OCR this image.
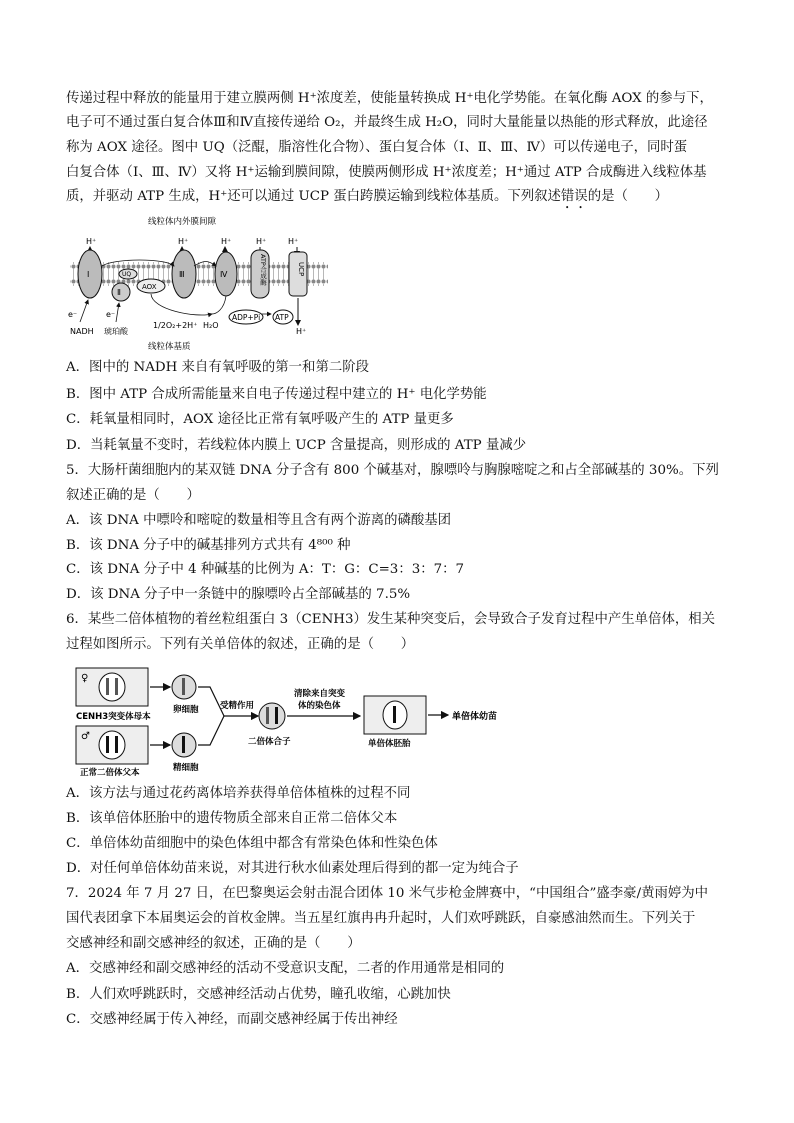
传递过程中释放的能量用于建立膜两侧 H⁺浓度差，使能量转换成 H⁺电化学势能。在氧化酶 AOX 的参与下，
电子可不通过蛋白复合体Ⅲ和Ⅳ直接传递给 O₂，并最终生成 H₂O，同时大量能量以热能的形式释放，此途径
称为 AOX 途径。图中 UQ（泛醌，脂溶性化合物）、蛋白复合体（Ⅰ、Ⅱ、Ⅲ、Ⅳ）可以传递电子，同时蛋
白复合体（Ⅰ、Ⅲ、Ⅳ）又将 H⁺运输到膜间隙，使膜两侧形成 H⁺浓度差；H⁺通过 ATP 合成酶进入线粒体基
质，并驱动 ATP 生成，H⁺还可以通过 UCP 蛋白跨膜运输到线粒体基质。下列叙述错误的是（　　）
线粒体内外膜间隙
H⁺	H⁺	H⁺	H⁺	H⁺
Ⅰ
Ⅱ
UQ
AOX
Ⅲ	Ⅳ	ATP合成酶	UCP
e⁻	e⁻
NADH 琥珀酸
1/2O₂+2H⁺ H₂O
ADP+Pi ATP
H⁺
线粒体基质
A．图中的 NADH 来自有氧呼吸的第一和第二阶段
B．图中 ATP 合成所需能量来自电子传递过程中建立的 H⁺ 电化学势能
C．耗氧量相同时，AOX 途径比正常有氧呼吸产生的 ATP 量更多
D．当耗氧量不变时，若线粒体内膜上 UCP 含量提高，则形成的 ATP 量减少
5．大肠杆菌细胞内的某双链 DNA 分子含有 800 个碱基对，腺嘌呤与胸腺嘧啶之和占全部碱基的 30%。下列
叙述正确的是（　　）
A．该 DNA 中嘌呤和嘧啶的数量相等且含有两个游离的磷酸基团
B．该 DNA 分子中的碱基排列方式共有 4⁸⁰⁰ 种
C．该 DNA 分子中 4 种碱基的比例为 A：T：G：C=3：3：7：7
D．该 DNA 分子中一条链中的腺嘌呤占全部碱基的 7.5%
6．某些二倍体植物的着丝粒组蛋白 3（CENH3）发生某种突变后，会导致合子发育过程中产生单倍体，相关
过程如图所示。下列有关单倍体的叙述，正确的是（　　）
♀
CENH3突变体母本
♂
正常二倍体父本
卵细胞
精细胞
受精作用
二倍体合子
清除来自突变
体的染色体
单倍体胚胎
单倍体幼苗
A．该方法与通过花药离体培养获得单倍体植株的过程不同
B．该单倍体胚胎中的遗传物质全部来自正常二倍体父本
C．单倍体幼苗细胞中的染色体组中都含有常染色体和性染色体
D．对任何单倍体幼苗来说，对其进行秋水仙素处理后得到的都一定为纯合子
7．2024 年 7 月 27 日，在巴黎奥运会射击混合团体 10 米气步枪金牌赛中，“中国组合”盛李豪/黄雨婷为中
国代表团拿下本届奥运会的首枚金牌。当五星红旗冉冉升起时，人们欢呼跳跃，自豪感油然而生。下列关于
交感神经和副交感神经的叙述，正确的是（　　）
A．交感神经和副交感神经的活动不受意识支配，二者的作用通常是相同的
B．人们欢呼跳跃时，交感神经活动占优势，瞳孔收缩，心跳加快
C．交感神经属于传入神经，而副交感神经属于传出神经
